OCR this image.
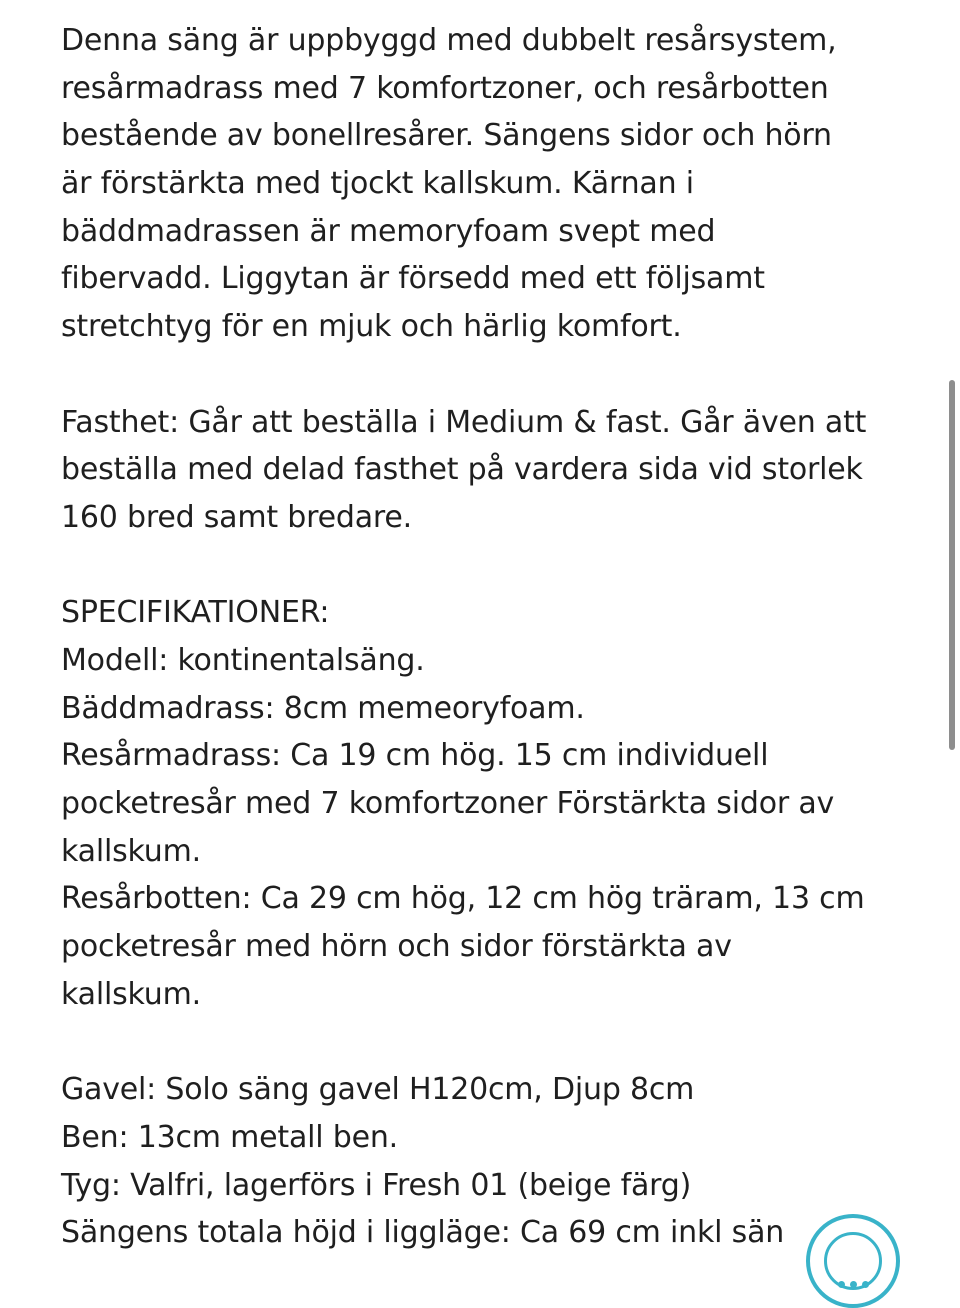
Denna säng är uppbyggd med dubbelt resårsystem,
resårmadrass med 7 komfortzoner, och resårbotten
bestående av bonellresårer. Sängens sidor och hörn
är förstärkta med tjockt kallskum. Kärnan i
bäddmadrassen är memoryfoam svept med
fibervadd. Liggytan är försedd med ett följsamt
stretchtyg för en mjuk och härlig komfort.
Fasthet: Går att beställa i Medium & fast. Går även att
beställa med delad fasthet på vardera sida vid storlek
160 bred samt bredare.
SPECIFIKATIONER:
Modell: kontinentalsäng.
Bäddmadrass: 8cm memeoryfoam.
Resårmadrass: Ca 19 cm hög. 15 cm individuell
pocketresår med 7 komfortzoner Förstärkta sidor av
kallskum.
Resårbotten: Ca 29 cm hög, 12 cm hög träram, 13 cm
pocketresår med hörn och sidor förstärkta av
kallskum.
Gavel: Solo säng gavel H120cm, Djup 8cm
Ben: 13cm metall ben.
Tyg: Valfri, lagerförs i Fresh 01 (beige färg)
Sängens totala höjd i liggläge: Ca 69 cm inkl sän
